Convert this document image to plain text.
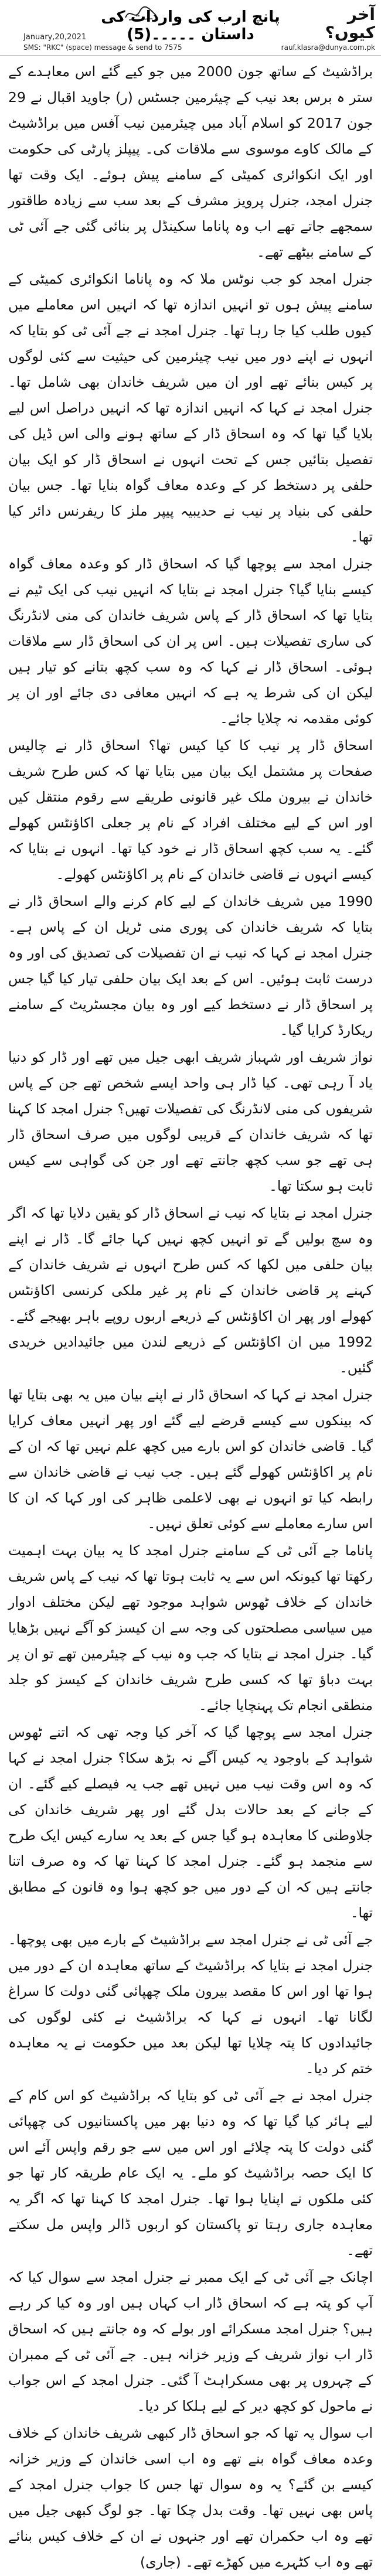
آخر کیوں؟
پانچ ارب کی واردات کی داستان ۔۔۔۔۔(5)
January,20,2021
SMS: "RKC" (space) message & send to 7575	rauf.klasra@dunya.com.pk

براڈشیٹ کے ساتھ جون 2000 میں جو کیے گئے اس معاہدے کے ستر ہ برس بعد نیب کے چیئرمین جسٹس (ر) جاوید اقبال نے 29 جون 2017 کو اسلام آباد میں چیئرمین نیب آفس میں براڈشیٹ کے مالک کاوے موسوی سے ملاقات کی۔ پیپلز پارٹی کی حکومت اور ایک انکوائری کمیٹی کے سامنے پیش ہوئے۔ ایک وقت تھا جنرل امجد، جنرل پرویز مشرف کے بعد سب سے زیادہ طاقتور سمجھے جاتے تھے اب وہ پاناما سکینڈل پر بنائی گئی جے آئی ٹی کے سامنے بیٹھے تھے۔

جنرل امجد کو جب نوٹس ملا کہ وہ پاناما انکوائری کمیٹی کے سامنے پیش ہوں تو انہیں اندازہ تھا کہ انہیں اس معاملے میں کیوں طلب کیا جا رہا تھا۔ جنرل امجد نے جے آئی ٹی کو بتایا کہ انہوں نے اپنے دور میں نیب چیئرمین کی حیثیت سے کئی لوگوں پر کیس بنائے تھے اور ان میں شریف خاندان بھی شامل تھا۔ جنرل امجد نے کہا کہ انہیں اندازہ تھا کہ انہیں دراصل اس لیے بلایا گیا تھا کہ وہ اسحاق ڈار کے ساتھ ہونے والی اس ڈیل کی تفصیل بتائیں جس کے تحت انہوں نے اسحاق ڈار کو ایک بیان حلفی پر دستخط کر کے وعدہ معاف گواہ بنایا تھا۔ جس بیان حلفی کی بنیاد پر نیب نے حدیبیہ پیپر ملز کا ریفرنس دائر کیا تھا۔

جنرل امجد سے پوچھا گیا کہ اسحاق ڈار کو وعدہ معاف گواہ کیسے بنایا گیا؟ جنرل امجد نے بتایا کہ انہیں نیب کی ایک ٹیم نے بتایا تھا کہ اسحاق ڈار کے پاس شریف خاندان کی منی لانڈرنگ کی ساری تفصیلات ہیں۔ اس پر ان کی اسحاق ڈار سے ملاقات ہوئی۔ اسحاق ڈار نے کہا کہ وہ سب کچھ بتانے کو تیار ہیں لیکن ان کی شرط یہ ہے کہ انہیں معافی دی جائے اور ان پر کوئی مقدمہ نہ چلایا جائے۔

اسحاق ڈار پر نیب کا کیا کیس تھا؟ اسحاق ڈار نے چالیس صفحات پر مشتمل ایک بیان میں بتایا تھا کہ کس طرح شریف خاندان نے بیرون ملک غیر قانونی طریقے سے رقوم منتقل کیں اور اس کے لیے مختلف افراد کے نام پر جعلی اکاؤنٹس کھولے گئے۔ یہ سب کچھ اسحاق ڈار نے خود کیا تھا۔ انہوں نے بتایا کہ کیسے انہوں نے قاضی خاندان کے نام پر اکاؤنٹس کھولے۔

1990 میں شریف خاندان کے لیے کام کرنے والے اسحاق ڈار نے بتایا کہ شریف خاندان کی پوری منی ٹریل ان کے پاس ہے۔ جنرل امجد نے کہا کہ نیب نے ان تفصیلات کی تصدیق کی اور وہ درست ثابت ہوئیں۔ اس کے بعد ایک بیان حلفی تیار کیا گیا جس پر اسحاق ڈار نے دستخط کیے اور وہ بیان مجسٹریٹ کے سامنے ریکارڈ کرایا گیا۔

نواز شریف اور شہباز شریف ابھی جیل میں تھے اور ڈار کو دنیا یاد آ رہی تھی۔ کیا ڈار ہی واحد ایسے شخص تھے جن کے پاس شریفوں کی منی لانڈرنگ کی تفصیلات تھیں؟ جنرل امجد کا کہنا تھا کہ شریف خاندان کے قریبی لوگوں میں صرف اسحاق ڈار ہی تھے جو سب کچھ جانتے تھے اور جن کی گواہی سے کیس ثابت ہو سکتا تھا۔

جنرل امجد نے بتایا کہ نیب نے اسحاق ڈار کو یقین دلایا تھا کہ اگر وہ سچ بولیں گے تو انہیں کچھ نہیں کہا جائے گا۔ ڈار نے اپنے بیان حلفی میں لکھا کہ کس طرح انہوں نے شریف خاندان کے کہنے پر قاضی خاندان کے نام پر غیر ملکی کرنسی اکاؤنٹس کھولے اور پھر ان اکاؤنٹس کے ذریعے اربوں روپے باہر بھیجے گئے۔ 1992 میں ان اکاؤنٹس کے ذریعے لندن میں جائیدادیں خریدی گئیں۔

جنرل امجد نے کہا کہ اسحاق ڈار نے اپنے بیان میں یہ بھی بتایا تھا کہ بینکوں سے کیسے قرضے لیے گئے اور پھر انہیں معاف کرایا گیا۔ قاضی خاندان کو اس بارے میں کچھ علم نہیں تھا کہ ان کے نام پر اکاؤنٹس کھولے گئے ہیں۔ جب نیب نے قاضی خاندان سے رابطہ کیا تو انہوں نے بھی لاعلمی ظاہر کی اور کہا کہ ان کا اس سارے معاملے سے کوئی تعلق نہیں۔

پاناما جے آئی ٹی کے سامنے جنرل امجد کا یہ بیان بہت اہمیت رکھتا تھا کیونکہ اس سے یہ ثابت ہوتا تھا کہ نیب کے پاس شریف خاندان کے خلاف ٹھوس شواہد موجود تھے لیکن مختلف ادوار میں سیاسی مصلحتوں کی وجہ سے ان کیسز کو آگے نہیں بڑھایا گیا۔ جنرل امجد نے بتایا کہ جب وہ نیب کے چیئرمین تھے تو ان پر بہت دباؤ تھا کہ کسی طرح شریف خاندان کے کیسز کو جلد منطقی انجام تک پہنچایا جائے۔

جنرل امجد سے پوچھا گیا کہ آخر کیا وجہ تھی کہ اتنے ٹھوس شواہد کے باوجود یہ کیس آگے نہ بڑھ سکا؟ جنرل امجد نے کہا کہ وہ اس وقت نیب میں نہیں تھے جب یہ فیصلے کیے گئے۔ ان کے جانے کے بعد حالات بدل گئے اور پھر شریف خاندان کی جلاوطنی کا معاہدہ ہو گیا جس کے بعد یہ سارے کیس ایک طرح سے منجمد ہو گئے۔ جنرل امجد کا کہنا تھا کہ وہ صرف اتنا جانتے ہیں کہ ان کے دور میں جو کچھ ہوا وہ قانون کے مطابق تھا۔

جے آئی ٹی نے جنرل امجد سے براڈشیٹ کے بارے میں بھی پوچھا۔ جنرل امجد نے بتایا کہ براڈشیٹ کے ساتھ معاہدہ ان کے دور میں ہوا تھا اور اس کا مقصد بیرون ملک چھپائی گئی دولت کا سراغ لگانا تھا۔ انہوں نے کہا کہ براڈشیٹ نے کئی لوگوں کی جائیدادوں کا پتہ چلایا تھا لیکن بعد میں حکومت نے یہ معاہدہ ختم کر دیا۔

جنرل امجد نے جے آئی ٹی کو بتایا کہ براڈشیٹ کو اس کام کے لیے ہائر کیا گیا تھا کہ وہ دنیا بھر میں پاکستانیوں کی چھپائی گئی دولت کا پتہ چلائے اور اس میں سے جو رقم واپس آئے اس کا ایک حصہ براڈشیٹ کو ملے۔ یہ ایک عام طریقہ کار تھا جو کئی ملکوں نے اپنایا ہوا تھا۔ جنرل امجد کا کہنا تھا کہ اگر یہ معاہدہ جاری رہتا تو پاکستان کو اربوں ڈالر واپس مل سکتے تھے۔

اچانک جے آئی ٹی کے ایک ممبر نے جنرل امجد سے سوال کیا کہ آپ کو پتہ ہے کہ اسحاق ڈار اب کہاں ہیں اور وہ کیا کر رہے ہیں؟ جنرل امجد مسکرائے اور بولے کہ وہ جانتے ہیں کہ اسحاق ڈار اب نواز شریف کے وزیر خزانہ ہیں۔ جے آئی ٹی کے ممبران کے چہروں پر بھی مسکراہٹ آ گئی۔ جنرل امجد کے اس جواب نے ماحول کو کچھ دیر کے لیے ہلکا کر دیا۔

اب سوال یہ تھا کہ جو اسحاق ڈار کبھی شریف خاندان کے خلاف وعدہ معاف گواہ بنے تھے وہ اب اسی خاندان کے وزیر خزانہ کیسے بن گئے؟ یہ وہ سوال تھا جس کا جواب جنرل امجد کے پاس بھی نہیں تھا۔ وقت بدل چکا تھا۔ جو لوگ کبھی جیل میں تھے وہ اب حکمران تھے اور جنہوں نے ان کے خلاف کیس بنائے تھے وہ اب کٹہرے میں کھڑے تھے۔ (جاری)
